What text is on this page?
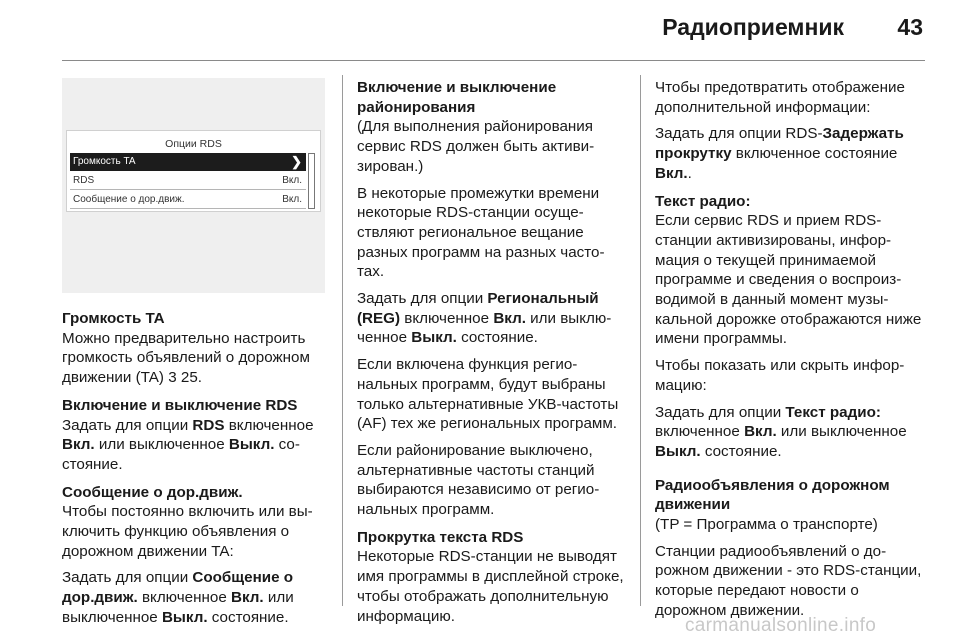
Радиоприемник 43
Опции RDS
Громкость TA	❯
RDS	Вкл.
Сообщение о дор.движ.	Вкл.
Громкость TA
Можно предварительно настроить громкость объявлений о дорожном движении (TA) 3 25.
Включение и выключение RDS
Задать для опции RDS включенное Вкл. или выключенное Выкл. состояние.
Сообщение о дор.движ.
Чтобы постоянно включить или выключить функцию объявления о дорожном движении TA:
Задать для опции Сообщение о дор.движ. включенное Вкл. или выключенное Выкл. состояние.
Включение и выключение районирования
(Для выполнения районирования сервис RDS должен быть активизирован.)
В некоторые промежутки времени некоторые RDS-станции осуществляют региональное вещание разных программ на разных частотах.
Задать для опции Региональный (REG) включенное Вкл. или выключенное Выкл. состояние.
Если включена функция региональных программ, будут выбраны только альтернативные УКВ-частоты (AF) тех же региональных программ.
Если районирование выключено, альтернативные частоты станций выбираются независимо от региональных программ.
Прокрутка текста RDS
Некоторые RDS-станции не выводят имя программы в дисплейной строке, чтобы отображать дополнительную информацию.
Чтобы предотвратить отображение дополнительной информации:
Задать для опции RDS-Задержать прокрутку включенное состояние Вкл..
Текст радио:
Если сервис RDS и прием RDS-станции активизированы, информация о текущей принимаемой программе и сведения о воспроизводимой в данный момент музыкальной дорожке отображаются ниже имени программы.
Чтобы показать или скрыть информацию:
Задать для опции Текст радио: включенное Вкл. или выключенное Выкл. состояние.
Радиообъявления о дорожном движении
(TP = Программа о транспорте)
Станции радиообъявлений о дорожном движении - это RDS-станции, которые передают новости о дорожном движении.
carmanualsonline.info
